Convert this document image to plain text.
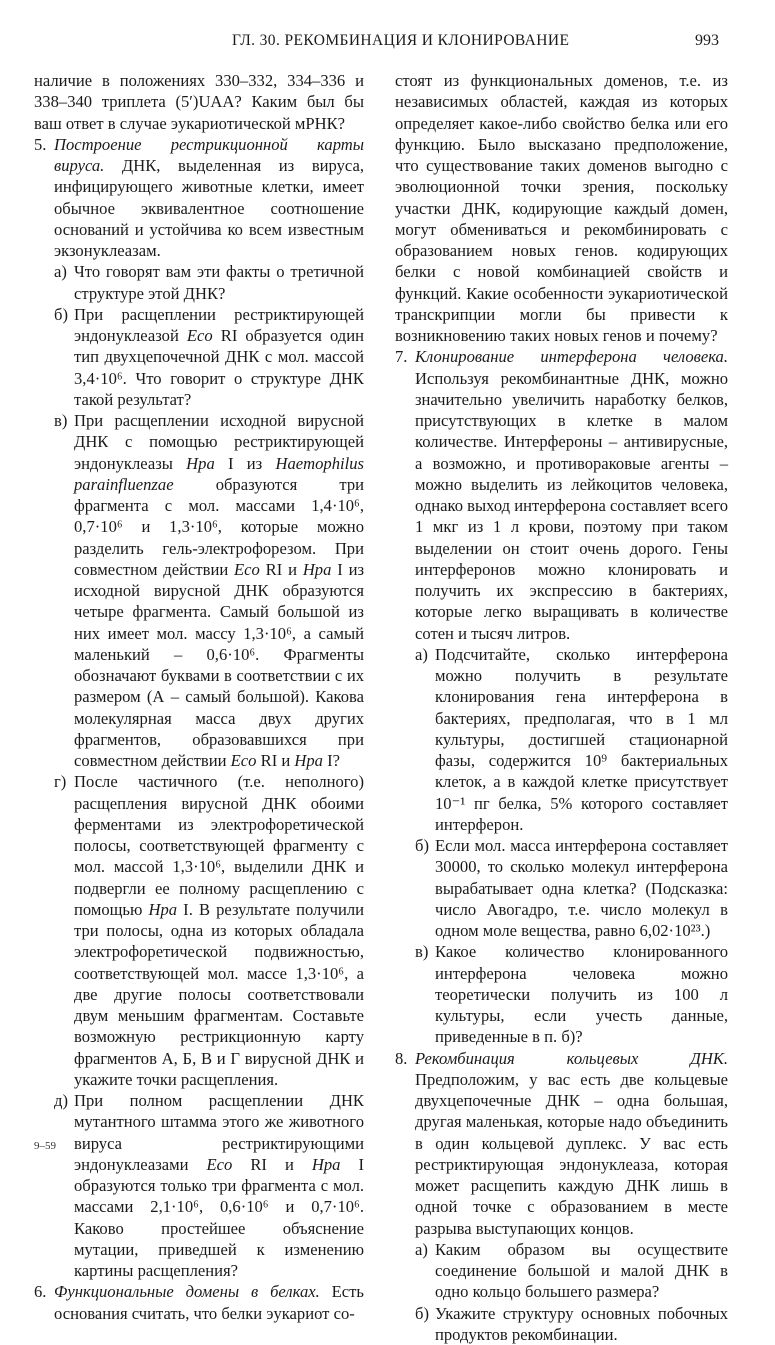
ГЛ. 30. РЕКОМБИНАЦИЯ И КЛОНИРОВАНИЕ	993

наличие в положениях 330–332, 334–336 и 338–340 триплета (5′)UAA? Каким был бы ваш ответ в случае эукариотической мРНК?

5. Построение рестрикционной карты вируса. ДНК, выделенная из вируса, инфицирующего животные клетки, имеет обычное эквивалентное соотношение оснований и устойчива ко всем известным экзонуклеазам.

а) Что говорят вам эти факты о третичной структуре этой ДНК?

б) При расщеплении рестриктирующей эндонуклеазой Eco RI образуется один тип двухцепочечной ДНК с мол. массой 3,4·10⁶. Что говорит о структуре ДНК такой результат?

в) При расщеплении исходной вирусной ДНК с помощью рестриктирующей эндонуклеазы Hpa I из Haemophilus parainfluenzae образуются три фрагмента с мол. массами 1,4·10⁶, 0,7·10⁶ и 1,3·10⁶, которые можно разделить гель-электрофорезом. При совместном действии Eco RI и Hpa I из исходной вирусной ДНК образуются четыре фрагмента. Самый большой из них имеет мол. массу 1,3·10⁶, а самый маленький – 0,6·10⁶. Фрагменты обозначают буквами в соответствии с их размером (А – самый большой). Какова молекулярная масса двух других фрагментов, образовавшихся при совместном действии Eco RI и Hpa I?

г) После частичного (т.е. неполного) расщепления вирусной ДНК обоими ферментами из электрофоретической полосы, соответствующей фрагменту с мол. массой 1,3·10⁶, выделили ДНК и подвергли ее полному расщеплению с помощью Hpa I. В результате получили три полосы, одна из которых обладала электрофоретической подвижностью, соответствующей мол. массе 1,3·10⁶, а две другие полосы соответствовали двум меньшим фрагментам. Составьте возможную рестрикционную карту фрагментов А, Б, В и Г вирусной ДНК и укажите точки расщепления.

д) При полном расщеплении ДНК мутантного штамма этого же животного вируса рестриктирующими эндонуклеазами Eco RI и Hpa I образуются только три фрагмента с мол. массами 2,1·10⁶, 0,6·10⁶ и 0,7·10⁶. Каково простейшее объяснение мутации, приведшей к изменению картины расщепления?

6. Функциональные домены в белках. Есть основания считать, что белки эукариот со-

стоят из функциональных доменов, т.е. из независимых областей, каждая из которых определяет какое-либо свойство белка или его функцию. Было высказано предположение, что существование таких доменов выгодно с эволюционной точки зрения, поскольку участки ДНК, кодирующие каждый домен, могут обмениваться и рекомбинировать с образованием новых генов. кодирующих белки с новой комбинацией свойств и функций. Какие особенности эукариотической транскрипции могли бы привести к возникновению таких новых генов и почему?

7. Клонирование интерферона человека. Используя рекомбинантные ДНК, можно значительно увеличить наработку белков, присутствующих в клетке в малом количестве. Интерфероны – антивирусные, а возможно, и противораковые агенты – можно выделить из лейкоцитов человека, однако выход интерферона составляет всего 1 мкг из 1 л крови, поэтому при таком выделении он стоит очень дорого. Гены интерферонов можно клонировать и получить их экспрессию в бактериях, которые легко выращивать в количестве сотен и тысяч литров.

а) Подсчитайте, сколько интерферона можно получить в результате клонирования гена интерферона в бактериях, предполагая, что в 1 мл культуры, достигшей стационарной фазы, содержится 10⁹ бактериальных клеток, а в каждой клетке присутствует 10⁻¹ пг белка, 5% которого составляет интерферон.

б) Если мол. масса интерферона составляет 30000, то сколько молекул интерферона вырабатывает одна клетка? (Подсказка: число Авогадро, т.е. число молекул в одном моле вещества, равно 6,02·10²³.)

в) Какое количество клонированного интерферона человека можно теоретически получить из 100 л культуры, если учесть данные, приведенные в п. б)?

8. Рекомбинация кольцевых ДНК. Предположим, у вас есть две кольцевые двухцепочечные ДНК – одна большая, другая маленькая, которые надо объединить в один кольцевой дуплекс. У вас есть рестриктирующая эндонуклеаза, которая может расщепить каждую ДНК лишь в одной точке с образованием в месте разрыва выступающих концов.

а) Каким образом вы осуществите соединение большой и малой ДНК в одно кольцо большего размера?

б) Укажите структуру основных побочных продуктов рекомбинации.

9–59
